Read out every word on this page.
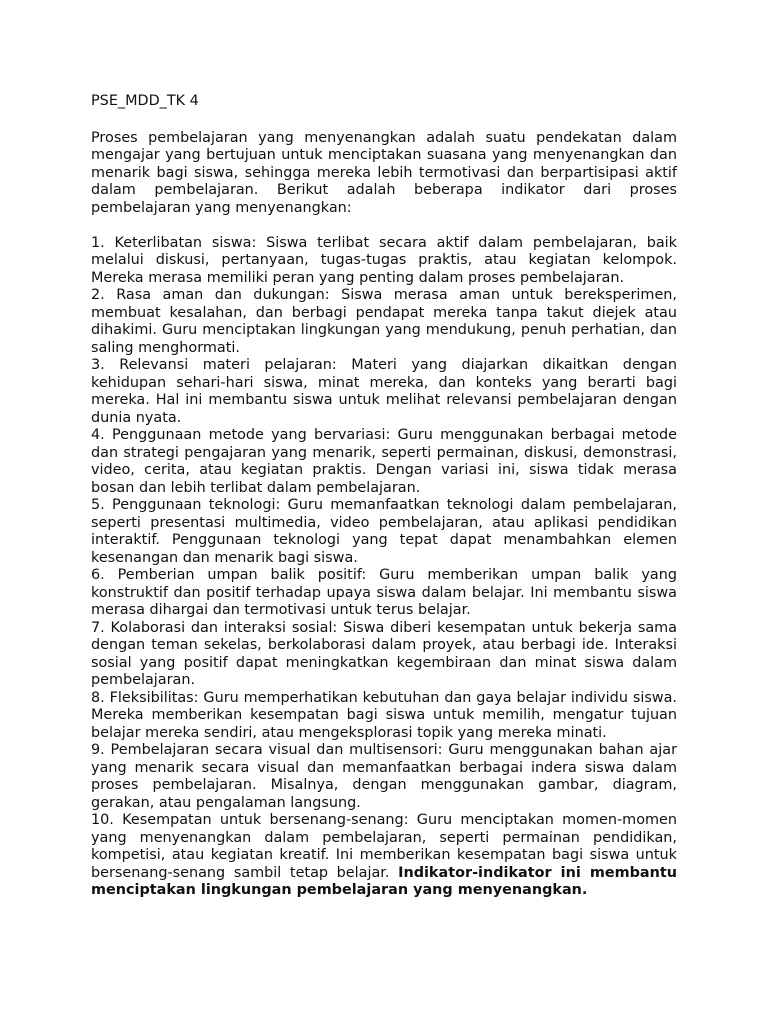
PSE_MDD_TK 4

Proses pembelajaran yang menyenangkan adalah suatu pendekatan dalam mengajar yang bertujuan untuk menciptakan suasana yang menyenangkan dan menarik bagi siswa, sehingga mereka lebih termotivasi dan berpartisipasi aktif dalam pembelajaran. Berikut adalah beberapa indikator dari proses pembelajaran yang menyenangkan:

1. Keterlibatan siswa: Siswa terlibat secara aktif dalam pembelajaran, baik melalui diskusi, pertanyaan, tugas-tugas praktis, atau kegiatan kelompok. Mereka merasa memiliki peran yang penting dalam proses pembelajaran.

2. Rasa aman dan dukungan: Siswa merasa aman untuk bereksperimen, membuat kesalahan, dan berbagi pendapat mereka tanpa takut diejek atau dihakimi. Guru menciptakan lingkungan yang mendukung, penuh perhatian, dan saling menghormati.

3. Relevansi materi pelajaran: Materi yang diajarkan dikaitkan dengan kehidupan sehari-hari siswa, minat mereka, dan konteks yang berarti bagi mereka. Hal ini membantu siswa untuk melihat relevansi pembelajaran dengan dunia nyata.

4. Penggunaan metode yang bervariasi: Guru menggunakan berbagai metode dan strategi pengajaran yang menarik, seperti permainan, diskusi, demonstrasi, video, cerita, atau kegiatan praktis. Dengan variasi ini, siswa tidak merasa bosan dan lebih terlibat dalam pembelajaran.

5. Penggunaan teknologi: Guru memanfaatkan teknologi dalam pembelajaran, seperti presentasi multimedia, video pembelajaran, atau aplikasi pendidikan interaktif. Penggunaan teknologi yang tepat dapat menambahkan elemen kesenangan dan menarik bagi siswa.

6. Pemberian umpan balik positif: Guru memberikan umpan balik yang konstruktif dan positif terhadap upaya siswa dalam belajar. Ini membantu siswa merasa dihargai dan termotivasi untuk terus belajar.

7. Kolaborasi dan interaksi sosial: Siswa diberi kesempatan untuk bekerja sama dengan teman sekelas, berkolaborasi dalam proyek, atau berbagi ide. Interaksi sosial yang positif dapat meningkatkan kegembiraan dan minat siswa dalam pembelajaran.

8. Fleksibilitas: Guru memperhatikan kebutuhan dan gaya belajar individu siswa. Mereka memberikan kesempatan bagi siswa untuk memilih, mengatur tujuan belajar mereka sendiri, atau mengeksplorasi topik yang mereka minati.

9. Pembelajaran secara visual dan multisensori: Guru menggunakan bahan ajar yang menarik secara visual dan memanfaatkan berbagai indera siswa dalam proses pembelajaran. Misalnya, dengan menggunakan gambar, diagram, gerakan, atau pengalaman langsung.

10. Kesempatan untuk bersenang-senang: Guru menciptakan momen-momen yang menyenangkan dalam pembelajaran, seperti permainan pendidikan, kompetisi, atau kegiatan kreatif. Ini memberikan kesempatan bagi siswa untuk bersenang-senang sambil tetap belajar. Indikator-indikator ini membantu menciptakan lingkungan pembelajaran yang menyenangkan.
